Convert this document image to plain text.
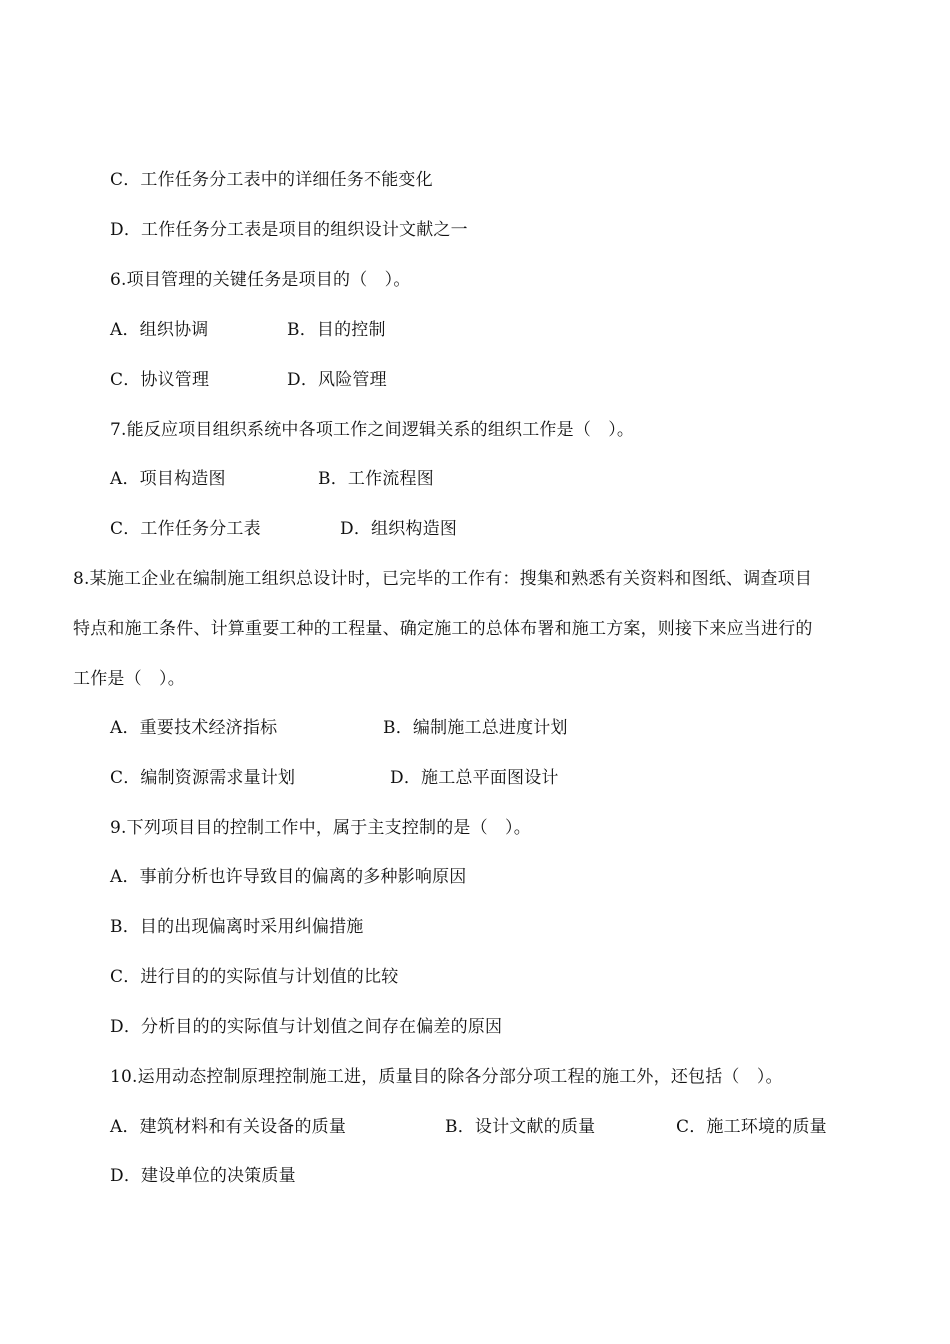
C．工作任务分工表中的详细任务不能变化
D．工作任务分工表是项目的组织设计文献之一
6.项目管理的关键任务是项目的（　）。
A．组织协调	B．目的控制
C．协议管理	D．风险管理
7.能反应项目组织系统中各项工作之间逻辑关系的组织工作是（　）。
A．项目构造图	B．工作流程图
C．工作任务分工表	D．组织构造图
8.某施工企业在编制施工组织总设计时，已完毕的工作有：搜集和熟悉有关资料和图纸、调查项目
特点和施工条件、计算重要工种的工程量、确定施工的总体布署和施工方案，则接下来应当进行的
工作是（　）。
A．重要技术经济指标	B．编制施工总进度计划
C．编制资源需求量计划	D．施工总平面图设计
9.下列项目目的控制工作中，属于主支控制的是（　）。
A．事前分析也许导致目的偏离的多种影响原因
B．目的出现偏离时采用纠偏措施
C．进行目的的实际值与计划值的比较
D．分析目的的实际值与计划值之间存在偏差的原因
10.运用动态控制原理控制施工进，质量目的除各分部分项工程的施工外，还包括（　）。
A．建筑材料和有关设备的质量	B．设计文献的质量	C．施工环境的质量
D．建设单位的决策质量
